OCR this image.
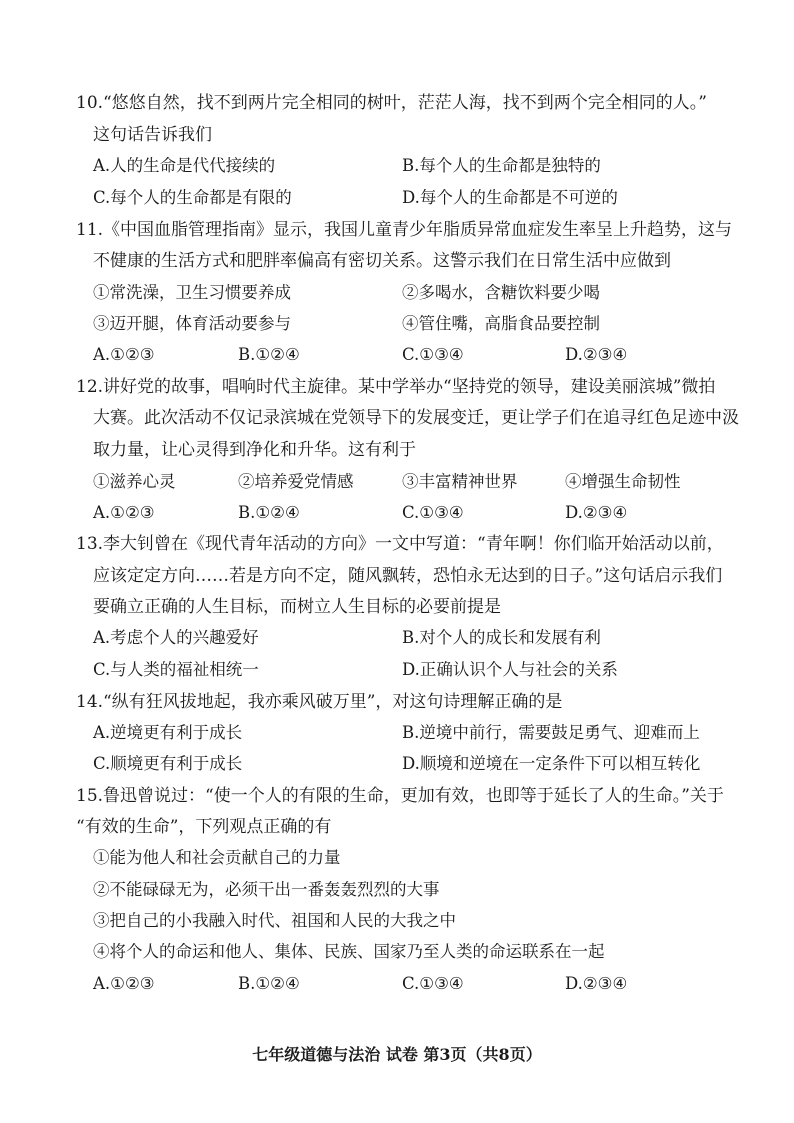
10.“悠悠自然，找不到两片完全相同的树叶，茫茫人海，找不到两个完全相同的人。”
这句话告诉我们
A.人的生命是代代接续的	B.每个人的生命都是独特的
C.每个人的生命都是有限的	D.每个人的生命都是不可逆的
11.《中国血脂管理指南》显示，我国儿童青少年脂质异常血症发生率呈上升趋势，这与
不健康的生活方式和肥胖率偏高有密切关系。这警示我们在日常生活中应做到
①常洗澡，卫生习惯要养成	②多喝水，含糖饮料要少喝
③迈开腿，体育活动要参与	④管住嘴，高脂食品要控制
A.①②③	B.①②④	C.①③④	D.②③④
12.讲好党的故事，唱响时代主旋律。某中学举办“坚持党的领导，建设美丽滨城”微拍
大赛。此次活动不仅记录滨城在党领导下的发展变迁，更让学子们在追寻红色足迹中汲
取力量，让心灵得到净化和升华。这有利于
①滋养心灵	②培养爱党情感	③丰富精神世界	④增强生命韧性
A.①②③	B.①②④	C.①③④	D.②③④
13.李大钊曾在《现代青年活动的方向》一文中写道：“青年啊！你们临开始活动以前，
应该定定方向……若是方向不定，随风飘转，恐怕永无达到的日子。”这句话启示我们
要确立正确的人生目标，而树立人生目标的必要前提是
A.考虑个人的兴趣爱好	B.对个人的成长和发展有利
C.与人类的福祉相统一	D.正确认识个人与社会的关系
14.“纵有狂风拔地起，我亦乘风破万里”，对这句诗理解正确的是
A.逆境更有利于成长	B.逆境中前行，需要鼓足勇气、迎难而上
C.顺境更有利于成长	D.顺境和逆境在一定条件下可以相互转化
15.鲁迅曾说过：“使一个人的有限的生命，更加有效，也即等于延长了人的生命。”关于
“有效的生命”，下列观点正确的有
①能为他人和社会贡献自己的力量
②不能碌碌无为，必须干出一番轰轰烈烈的大事
③把自己的小我融入时代、祖国和人民的大我之中
④将个人的命运和他人、集体、民族、国家乃至人类的命运联系在一起
A.①②③	B.①②④	C.①③④	D.②③④
七年级道德与法治 试卷 第3页（共8页）
